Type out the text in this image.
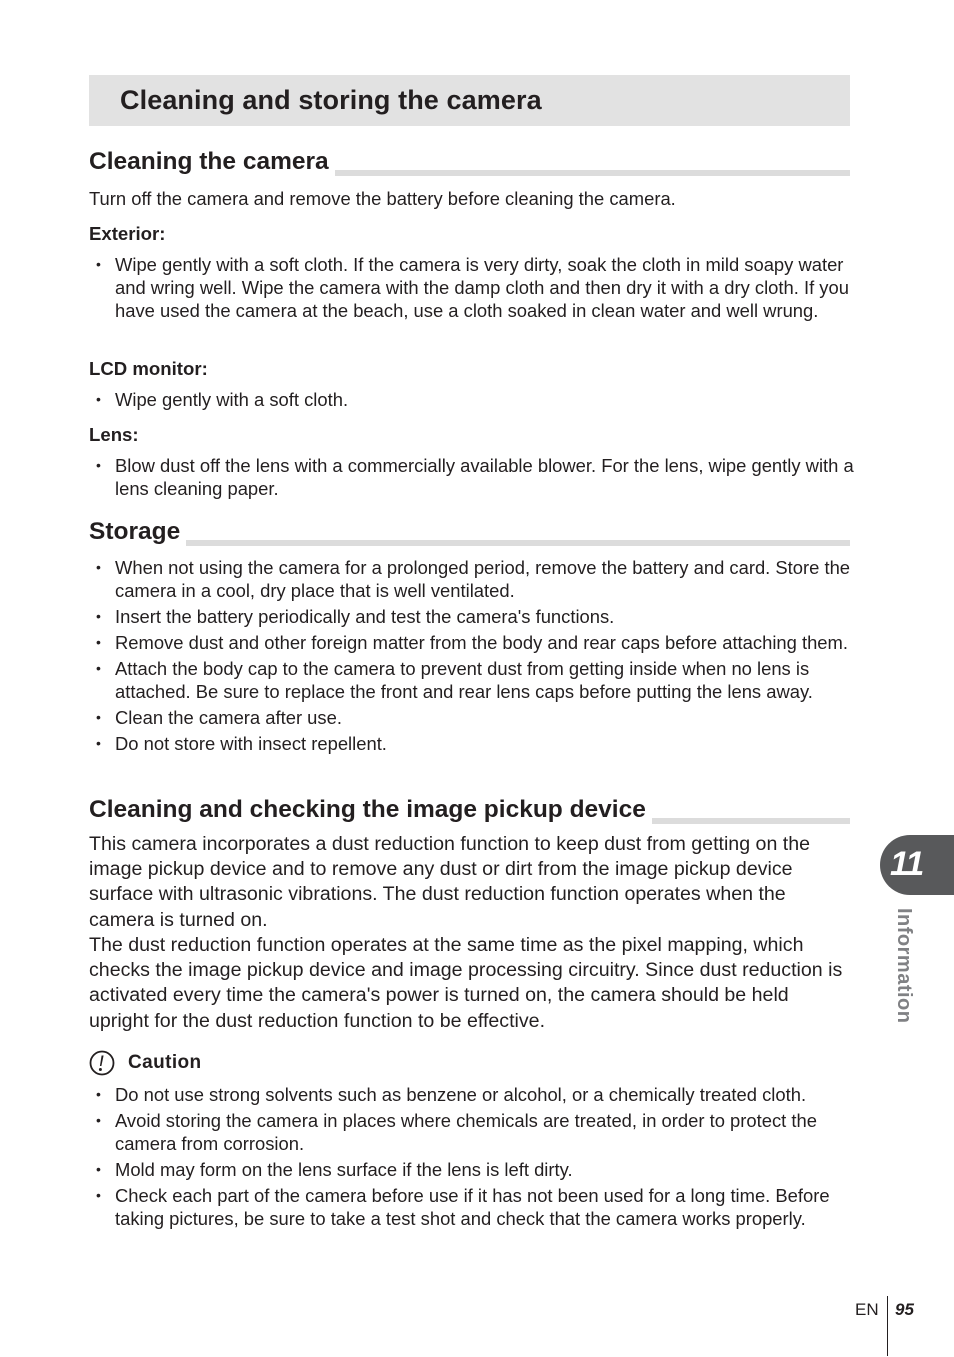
Cleaning and storing the camera
Cleaning the camera

Turn off the camera and remove the battery before cleaning the camera.

Exterior:
• Wipe gently with a soft cloth. If the camera is very dirty, soak the cloth in mild soapy water and wring well. Wipe the camera with the damp cloth and then dry it with a dry cloth. If you have used the camera at the beach, use a cloth soaked in clean water and well wrung.
LCD monitor:
• Wipe gently with a soft cloth.
Lens:
• Blow dust off the lens with a commercially available blower. For the lens, wipe gently with a lens cleaning paper.
Storage
• When not using the camera for a prolonged period, remove the battery and card. Store the camera in a cool, dry place that is well ventilated.
• Insert the battery periodically and test the camera's functions.
• Remove dust and other foreign matter from the body and rear caps before attaching them.
• Attach the body cap to the camera to prevent dust from getting inside when no lens is attached. Be sure to replace the front and rear lens caps before putting the lens away.
• Clean the camera after use.
• Do not store with insect repellent.
Cleaning and checking the image pickup device

This camera incorporates a dust reduction function to keep dust from getting on the image pickup device and to remove any dust or dirt from the image pickup device surface with ultrasonic vibrations. The dust reduction function operates when the camera is turned on.

The dust reduction function operates at the same time as the pixel mapping, which checks the image pickup device and image processing circuitry. Since dust reduction is activated every time the camera's power is turned on, the camera should be held upright for the dust reduction function to be effective.

Caution
• Do not use strong solvents such as benzene or alcohol, or a chemically treated cloth.
• Avoid storing the camera in places where chemicals are treated, in order to protect the camera from corrosion.
• Mold may form on the lens surface if the lens is left dirty.
• Check each part of the camera before use if it has not been used for a long time. Before taking pictures, be sure to take a test shot and check that the camera works properly.
11
Information
EN 95
